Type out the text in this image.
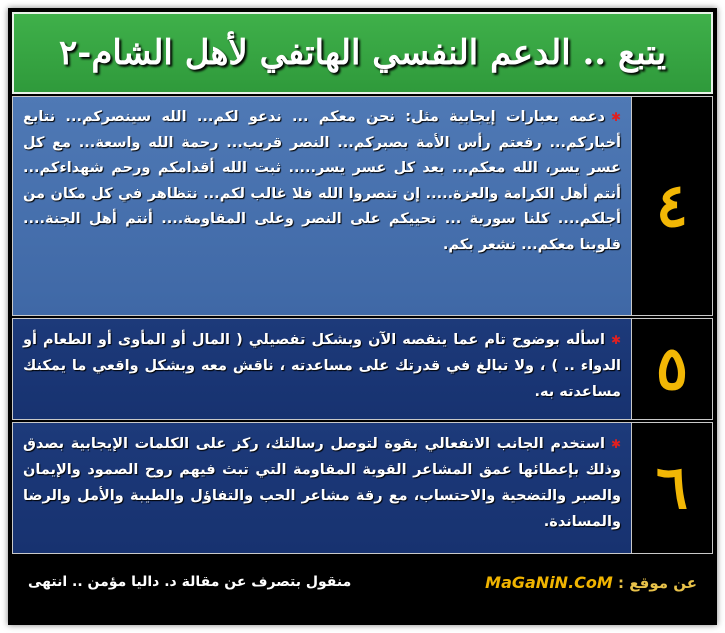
يتبع .. الدعم النفسي الهاتفي لأهل الشام-٢
٤
✱دعمه بعبارات إيجابية مثل: نحن معكم ... ندعو لكم... الله سينصركم... نتابع أخباركم... رفعتم رأس الأمة بصبركم... النصر قريب... رحمة الله واسعة... مع كل عسر يسر، الله معكم... بعد كل عسر يسر..... ثبت الله أقدامكم ورحم شهداءكم... أنتم أهل الكرامة والعزة..... إن تنصروا الله فلا غالب لكم... نتظاهر في كل مكان من أجلكم.... كلنا سورية ... نحييكم على النصر وعلى المقاومة.... أنتم أهل الجنة.... قلوبنا معكم... نشعر بكم.
٥
✱اسأله بوضوح تام عما ينقصه الآن وبشكل تفصيلي ( المال أو المأوى أو الطعام أو الدواء .. ) ، ولا تبالغ في قدرتك على مساعدته ، ناقش معه وبشكل واقعي ما يمكنك مساعدته به.
٦
✱استخدم الجانب الانفعالي بقوة لتوصل رسالتك، ركز على الكلمات الإيجابية بصدق وذلك بإعطائها عمق المشاعر القوية المقاومة التي تبث فيهم روح الصمود والإيمان والصبر والتضحية والاحتساب، مع رقة مشاعر الحب والتفاؤل والطيبة والأمل والرضا والمساندة.
عن موقع : MaGaNiN.CoM
منقول بتصرف عن مقالة د. داليا مؤمن .. انتهى
